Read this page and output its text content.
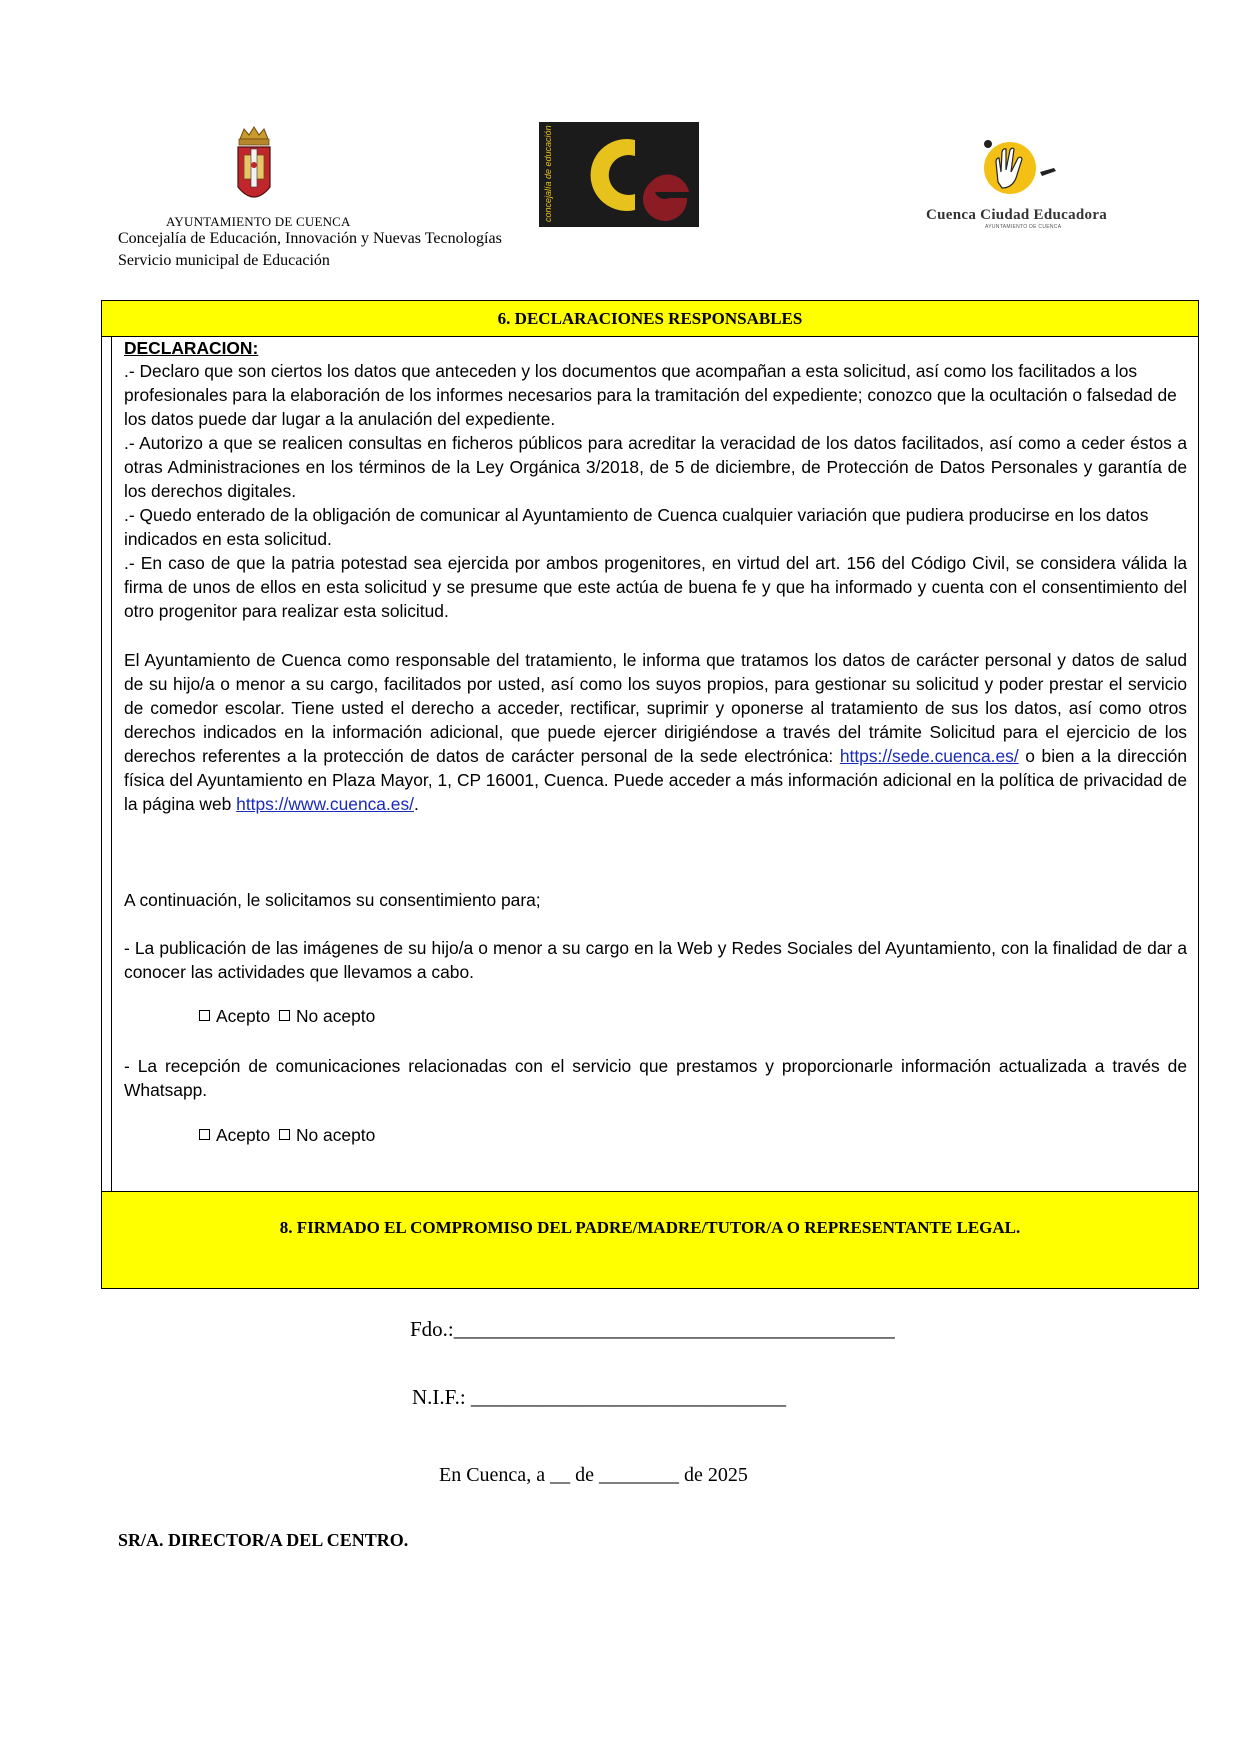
AYUNTAMIENTO DE CUENCA
Concejalía de Educación, Innovación y Nuevas Tecnologías
Servicio municipal de Educación
concejalía de educación	Cuenca Ciudad Educadora
AYUNTAMIENTO DE CUENCA
6. DECLARACIONES RESPONSABLES
DECLARACION:
.- Declaro que son ciertos los datos que anteceden y los documentos que acompañan a esta solicitud, así como los facilitados a los profesionales para la elaboración de los informes necesarios para la tramitación del expediente; conozco que la ocultación o falsedad de los datos puede dar lugar a la anulación del expediente.
.- Autorizo a que se realicen consultas en ficheros públicos para acreditar la veracidad de los datos facilitados, así como a ceder éstos a otras Administraciones en los términos de la Ley Orgánica 3/2018, de 5 de diciembre, de Protección de Datos Personales y garantía de los derechos digitales.
.- Quedo enterado de la obligación de comunicar al Ayuntamiento de Cuenca cualquier variación que pudiera producirse en los datos indicados en esta solicitud.
.- En caso de que la patria potestad sea ejercida por ambos progenitores, en virtud del art. 156 del Código Civil, se considera válida la firma de unos de ellos en esta solicitud y se presume que este actúa de buena fe y que ha informado y cuenta con el consentimiento del otro progenitor para realizar esta solicitud.
El Ayuntamiento de Cuenca como responsable del tratamiento, le informa que tratamos los datos de carácter personal y datos de salud de su hijo/a o menor a su cargo, facilitados por usted, así como los suyos propios, para gestionar su solicitud y poder prestar el servicio de comedor escolar. Tiene usted el derecho a acceder, rectificar, suprimir y oponerse al tratamiento de sus los datos, así como otros derechos indicados en la información adicional, que puede ejercer dirigiéndose a través del trámite Solicitud para el ejercicio de los derechos referentes a la protección de datos de carácter personal de la sede electrónica: https://sede.cuenca.es/ o bien a la dirección física del Ayuntamiento en Plaza Mayor, 1, CP 16001, Cuenca. Puede acceder a más información adicional en la política de privacidad de la página web https://www.cuenca.es/.
A continuación, le solicitamos su consentimiento para;
- La publicación de las imágenes de su hijo/a o menor a su cargo en la Web y Redes Sociales del Ayuntamiento, con la finalidad de dar a conocer las actividades que llevamos a cabo.
Acepto No acepto
- La recepción de comunicaciones relacionadas con el servicio que prestamos y proporcionarle información actualizada a través de Whatsapp.
Acepto No acepto
8. FIRMADO EL COMPROMISO DEL PADRE/MADRE/TUTOR/A O REPRESENTANTE LEGAL.
Fdo.:__________________________________________
N.I.F.: ______________________________
En Cuenca, a __ de ________ de 2025
SR/A. DIRECTOR/A DEL CENTRO.
